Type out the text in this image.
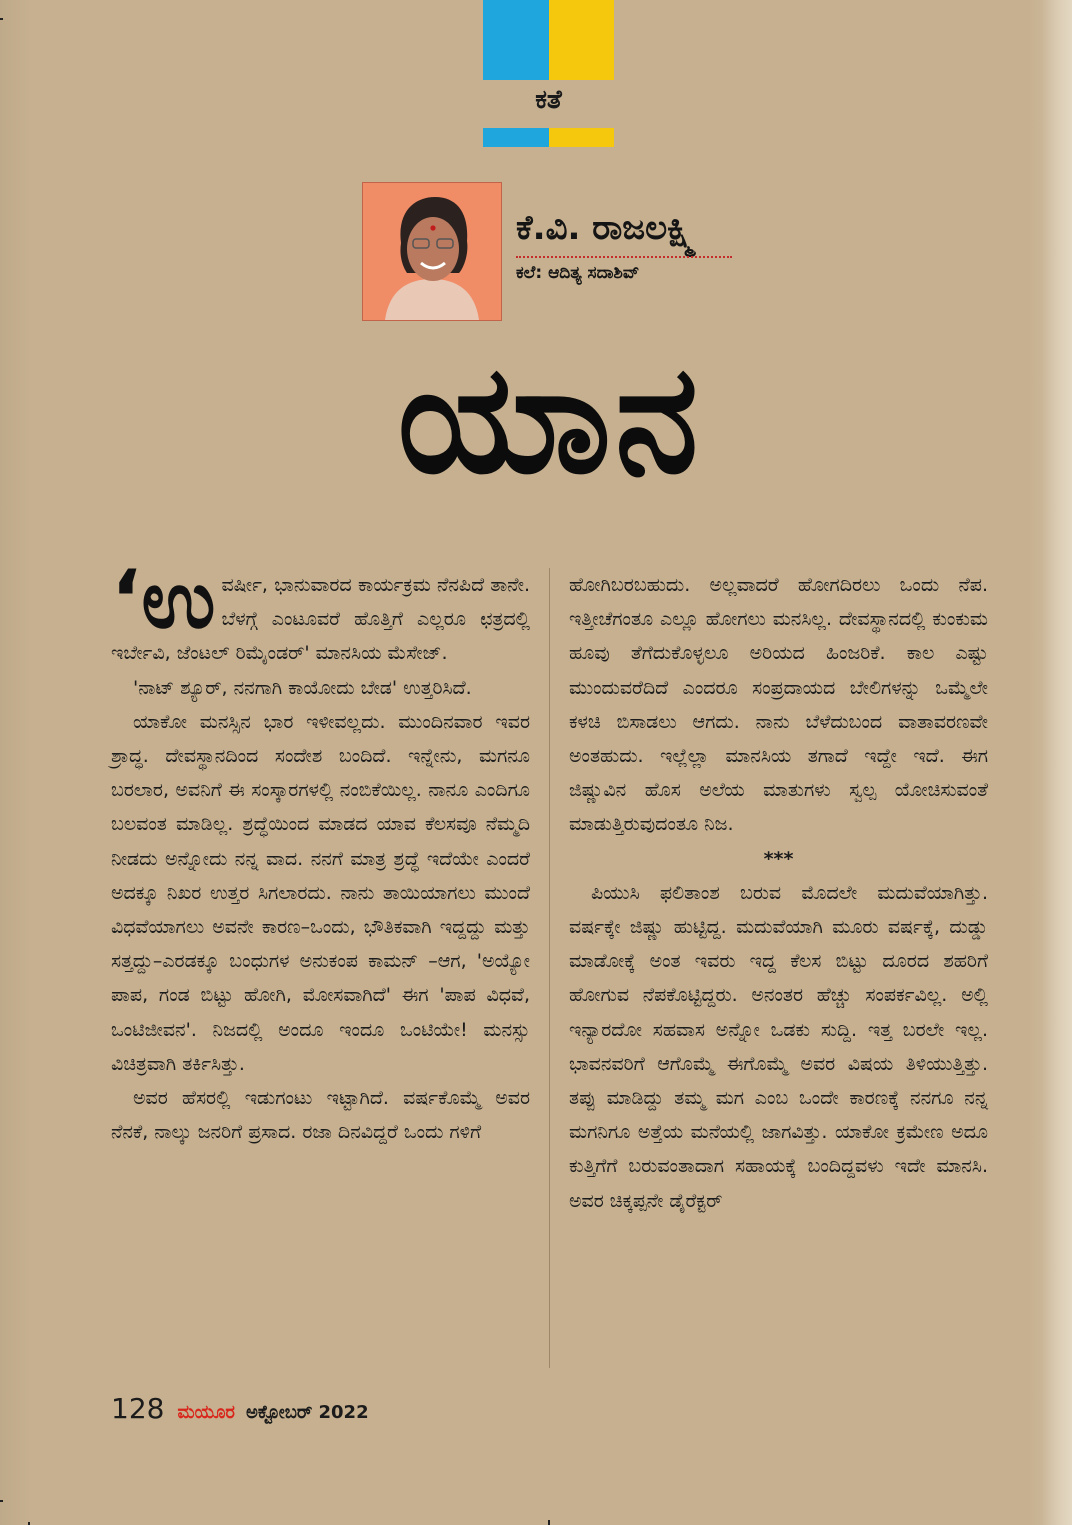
ಕತೆ
ಕೆ.ವಿ. ರಾಜಲಕ್ಷ್ಮಿ
ಕಲೆ: ಆದಿತ್ಯ ಸದಾಶಿವ್
ಯಾನ

‘ಉವರ್ಷೀ, ಭಾನುವಾರದ ಕಾರ್ಯಕ್ರಮ ನೆನಪಿದೆ ತಾನೇ. ಬೆಳಗ್ಗೆ ಎಂಟೂವರೆ ಹೊತ್ತಿಗೆ ಎಲ್ಲರೂ ಛತ್ರದಲ್ಲಿ ಇರ್ಬೇವಿ, ಜೆಂಟಲ್ ರಿಮೈಂಡರ್' ಮಾನಸಿಯ ಮೆಸೇಜ್.

'ನಾಟ್ ಶ್ಯೂರ್, ನನಗಾಗಿ ಕಾಯೋದು ಬೇಡ' ಉತ್ತರಿಸಿದೆ.

ಯಾಕೋ ಮನಸ್ಸಿನ ಭಾರ ಇಳೀವಲ್ಲದು. ಮುಂದಿನವಾರ ಇವರ ಶ್ರಾದ್ಧ. ದೇವಸ್ಥಾನದಿಂದ ಸಂದೇಶ ಬಂದಿದೆ. ಇನ್ನೇನು, ಮಗನೂ ಬರಲಾರ, ಅವನಿಗೆ ಈ ಸಂಸ್ಕಾರಗಳಲ್ಲಿ ನಂಬಿಕೆಯಿಲ್ಲ. ನಾನೂ ಎಂದಿಗೂ ಬಲವಂತ ಮಾಡಿಲ್ಲ. ಶ್ರದ್ಧೆಯಿಂದ ಮಾಡದ ಯಾವ ಕೆಲಸವೂ ನೆಮ್ಮದಿ ನೀಡದು ಅನ್ನೋದು ನನ್ನ ವಾದ. ನನಗೆ ಮಾತ್ರ ಶ್ರದ್ಧೆ ಇದೆಯೇ ಎಂದರೆ ಅದಕ್ಕೂ ನಿಖರ ಉತ್ತರ ಸಿಗಲಾರದು. ನಾನು ತಾಯಿಯಾಗಲು ಮುಂದೆ ವಿಧವೆಯಾಗಲು ಅವನೇ ಕಾರಣ–ಒಂದು, ಭೌತಿಕವಾಗಿ ಇದ್ದದ್ದು ಮತ್ತು ಸತ್ತದ್ದು–ಎರಡಕ್ಕೂ ಬಂಧುಗಳ ಅನುಕಂಪ ಕಾಮನ್ –ಆಗ, 'ಅಯ್ಯೋ ಪಾಪ, ಗಂಡ ಬಿಟ್ಟು ಹೋಗಿ, ಮೋಸವಾಗಿದೆ' ಈಗ 'ಪಾಪ ವಿಧವೆ, ಒಂಟಿಜೀವನ'. ನಿಜದಲ್ಲಿ ಅಂದೂ ಇಂದೂ ಒಂಟಿಯೇ! ಮನಸ್ಸು ವಿಚಿತ್ರವಾಗಿ ತರ್ಕಿಸಿತ್ತು.

ಅವರ ಹೆಸರಲ್ಲಿ ಇಡುಗಂಟು ಇಟ್ಟಾಗಿದೆ. ವರ್ಷಕೊಮ್ಮೆ ಅವರ ನೆನಕೆ, ನಾಲ್ಕು ಜನರಿಗೆ ಪ್ರಸಾದ. ರಜಾ ದಿನವಿದ್ದರೆ ಒಂದು ಗಳಿಗೆ

ಹೋಗಿಬರಬಹುದು. ಅಲ್ಲವಾದರೆ ಹೋಗದಿರಲು ಒಂದು ನೆಪ. ಇತ್ತೀಚೆಗಂತೂ ಎಲ್ಲೂ ಹೋಗಲು ಮನಸಿಲ್ಲ. ದೇವಸ್ಥಾನದಲ್ಲಿ ಕುಂಕುಮ ಹೂವು ತೆಗೆದುಕೊಳ್ಳಲೂ ಅರಿಯದ ಹಿಂಜರಿಕೆ. ಕಾಲ ಎಷ್ಟು ಮುಂದುವರೆದಿದೆ ಎಂದರೂ ಸಂಪ್ರದಾಯದ ಬೇಲಿಗಳನ್ನು ಒಮ್ಮೆಲೇ ಕಳಚಿ ಬಿಸಾಡಲು ಆಗದು. ನಾನು ಬೆಳೆದುಬಂದ ವಾತಾವರಣವೇ ಅಂತಹುದು. ಇಲ್ಲೆಲ್ಲಾ ಮಾನಸಿಯ ತಗಾದೆ ಇದ್ದೇ ಇದೆ. ಈಗ ಜಿಷ್ಣುವಿನ ಹೊಸ ಅಲೆಯ ಮಾತುಗಳು ಸ್ವಲ್ಪ ಯೋಚಿಸುವಂತೆ ಮಾಡುತ್ತಿರುವುದಂತೂ ನಿಜ.

***

ಪಿಯುಸಿ ಫಲಿತಾಂಶ ಬರುವ ಮೊದಲೇ ಮದುವೆಯಾಗಿತ್ತು. ವರ್ಷಕ್ಕೇ ಜಿಷ್ಣು ಹುಟ್ಟಿದ್ದ. ಮದುವೆಯಾಗಿ ಮೂರು ವರ್ಷಕ್ಕೆ, ದುಡ್ಡು ಮಾಡೋಕ್ಕೆ ಅಂತ ಇವರು ಇದ್ದ ಕೆಲಸ ಬಿಟ್ಟು ದೂರದ ಶಹರಿಗೆ ಹೋಗುವ ನೆಪಕೊಟ್ಟಿದ್ದರು. ಅನಂತರ ಹೆಚ್ಚು ಸಂಪರ್ಕವಿಲ್ಲ. ಅಲ್ಲಿ ಇನ್ಯಾರದೋ ಸಹವಾಸ ಅನ್ನೋ ಒಡಕು ಸುದ್ದಿ. ಇತ್ತ ಬರಲೇ ಇಲ್ಲ. ಭಾವನವರಿಗೆ ಆಗೊಮ್ಮೆ ಈಗೊಮ್ಮೆ ಅವರ ವಿಷಯ ತಿಳಿಯುತ್ತಿತ್ತು. ತಪ್ಪು ಮಾಡಿದ್ದು ತಮ್ಮ ಮಗ ಎಂಬ ಒಂದೇ ಕಾರಣಕ್ಕೆ ನನಗೂ ನನ್ನ ಮಗನಿಗೂ ಅತ್ತೆಯ ಮನೆಯಲ್ಲಿ ಜಾಗವಿತ್ತು. ಯಾಕೋ ಕ್ರಮೇಣ ಅದೂ ಕುತ್ತಿಗೆಗೆ ಬರುವಂತಾದಾಗ ಸಹಾಯಕ್ಕೆ ಬಂದಿದ್ದವಳು ಇದೇ ಮಾನಸಿ. ಅವರ ಚಿಕ್ಕಪ್ಪನೇ ಡೈರೆಕ್ಟರ್

128 ಮಯೂರ ಅಕ್ಟೋಬರ್ 2022
